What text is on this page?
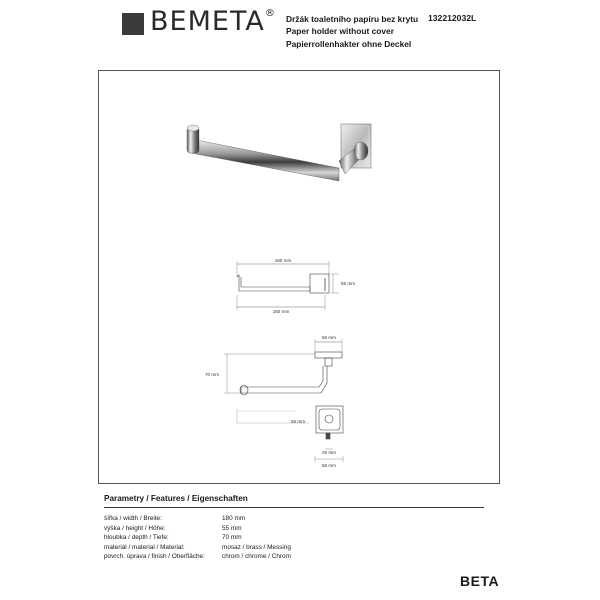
BEMETA® Držák toaletního papíru bez krytu
Paper holder without cover
Papierrollenhakter ohne Deckel
132212032L
180 mm
55 mm
160 mm
55 mm
70 mm
55 mm
25 mm
55 mm
Parametry / Features / Eigenschaften
šířka / width / Breite:	180 mm
výška / height / Höhe:	55 mm
hloubka / depth / Tiefe:	70 mm
materiál / material / Material:	mosaz / brass / Messing
povrch. úprava / finish / Oberfläche:	chrom / chrome / Chrom
BETA
